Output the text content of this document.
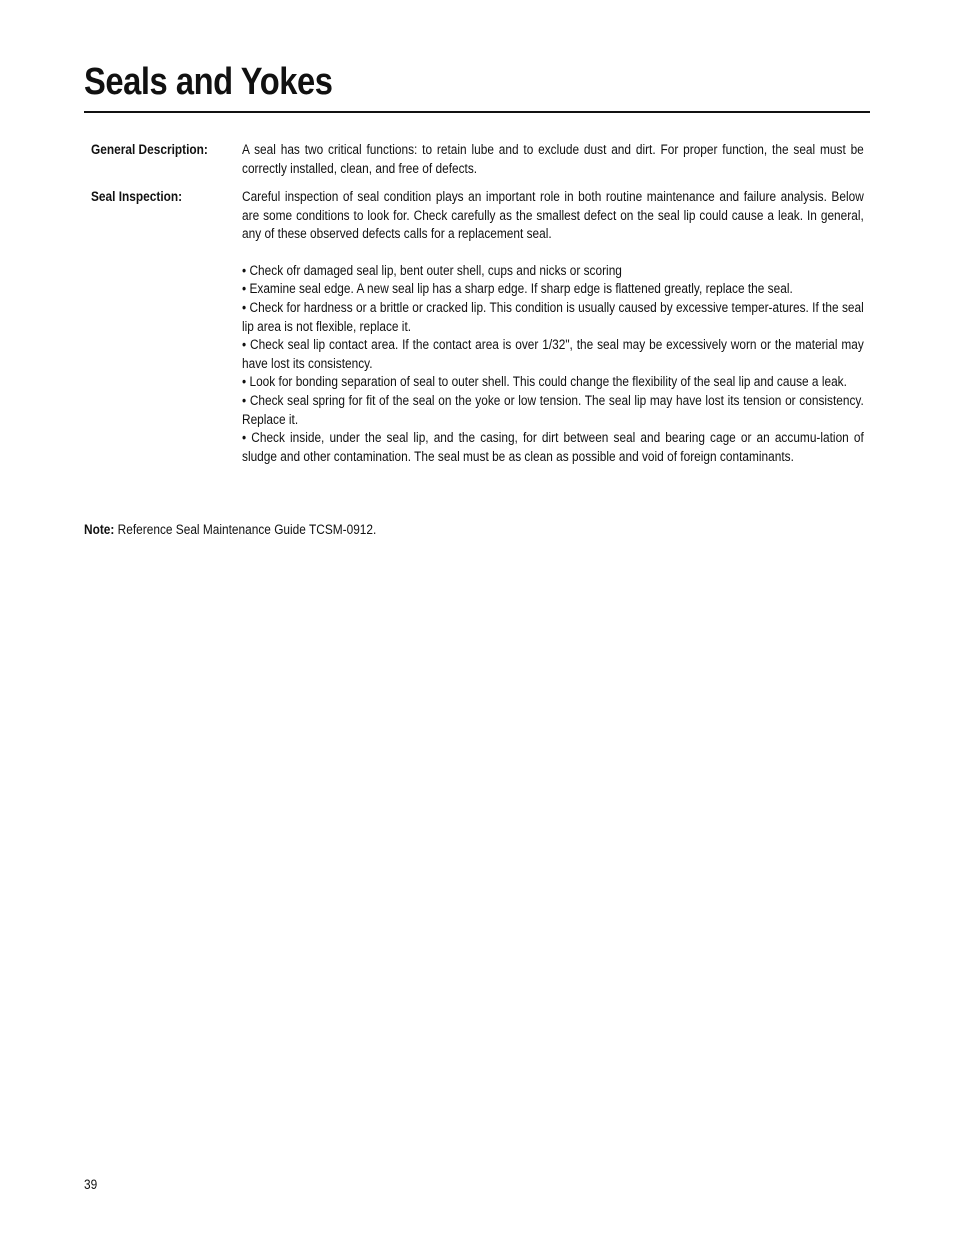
Seals and Yokes
General Description:	A seal has two critical functions: to retain lube and to exclude dust and dirt. For proper function, the seal must be correctly installed, clean, and free of defects.
Seal Inspection:	Careful inspection of seal condition plays an important role in both routine maintenance and failure analysis. Below are some conditions to look for. Check carefully as the smallest defect on the seal lip could cause a leak. In general, any of these observed defects calls for a replacement seal.
• Check ofr damaged seal lip, bent outer shell, cups and nicks or scoring
• Examine seal edge. A new seal lip has a sharp edge. If sharp edge is flattened greatly, replace the seal.
• Check for hardness or a brittle or cracked lip. This condition is usually caused by excessive temper-atures. If the seal lip area is not flexible, replace it.
• Check seal lip contact area. If the contact area is over 1/32", the seal may be excessively worn or the material may have lost its consistency.
• Look for bonding separation of seal to outer shell. This could change the flexibility of the seal lip and cause a leak.
• Check seal spring for fit of the seal on the yoke or low tension. The seal lip may have lost its tension or consistency. Replace it.
• Check inside, under the seal lip, and the casing, for dirt between seal and bearing cage or an accumu-lation of sludge and other contamination. The seal must be as clean as possible and void of foreign contaminants.
Note: Reference Seal Maintenance Guide TCSM-0912.
39
